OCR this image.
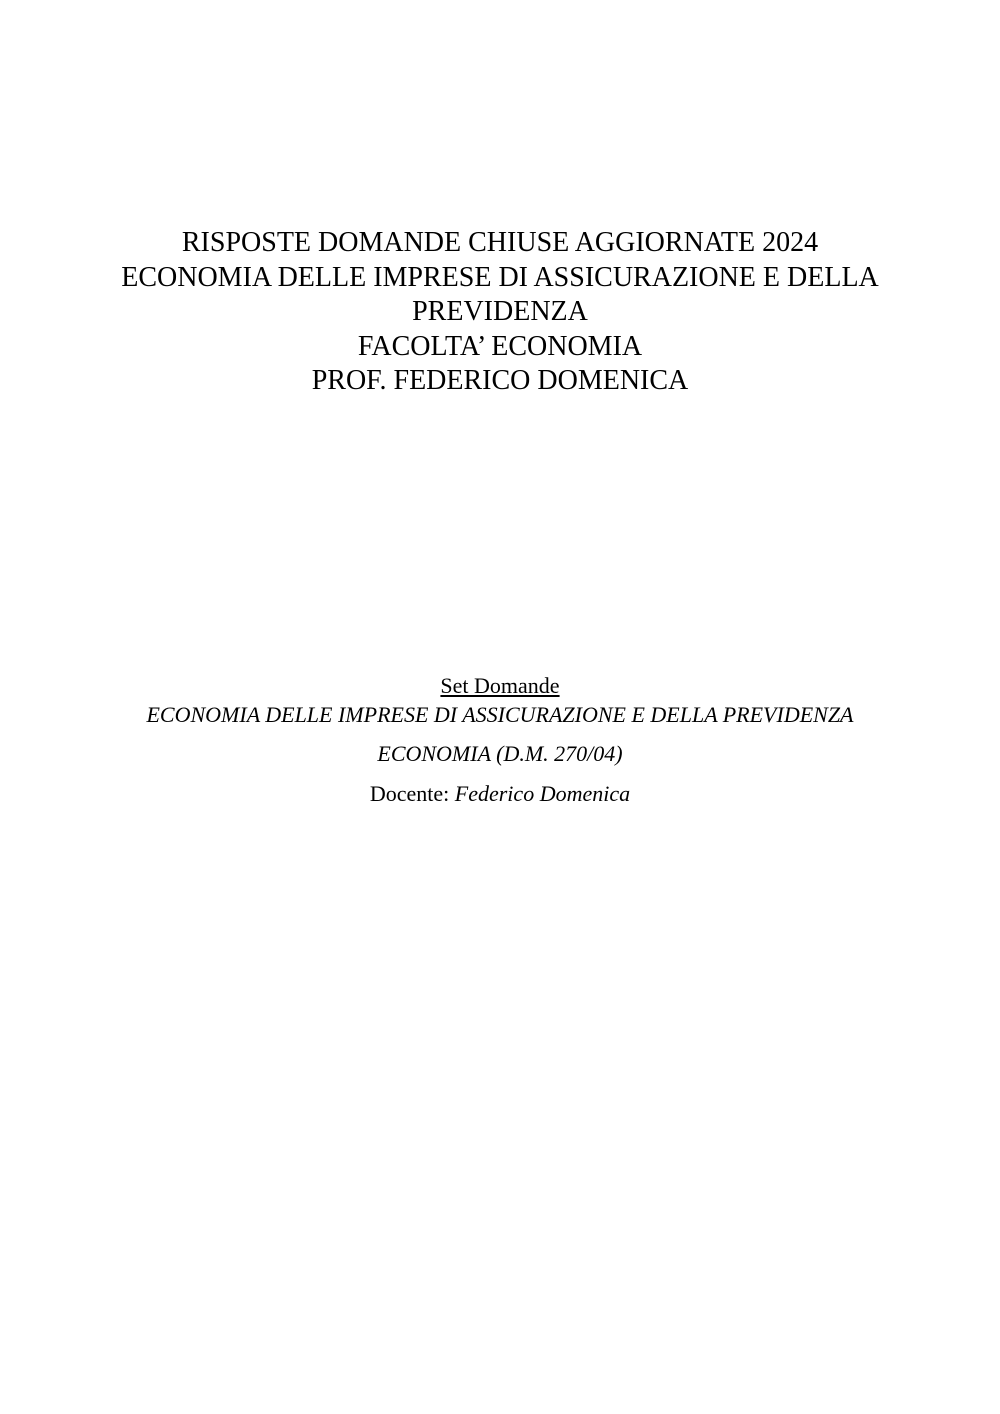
RISPOSTE DOMANDE CHIUSE AGGIORNATE 2024
ECONOMIA DELLE IMPRESE DI ASSICURAZIONE E DELLA
PREVIDENZA
FACOLTA’ ECONOMIA
PROF. FEDERICO DOMENICA
Set Domande
ECONOMIA DELLE IMPRESE DI ASSICURAZIONE E DELLA PREVIDENZA
ECONOMIA (D.M. 270/04)
Docente: Federico Domenica
